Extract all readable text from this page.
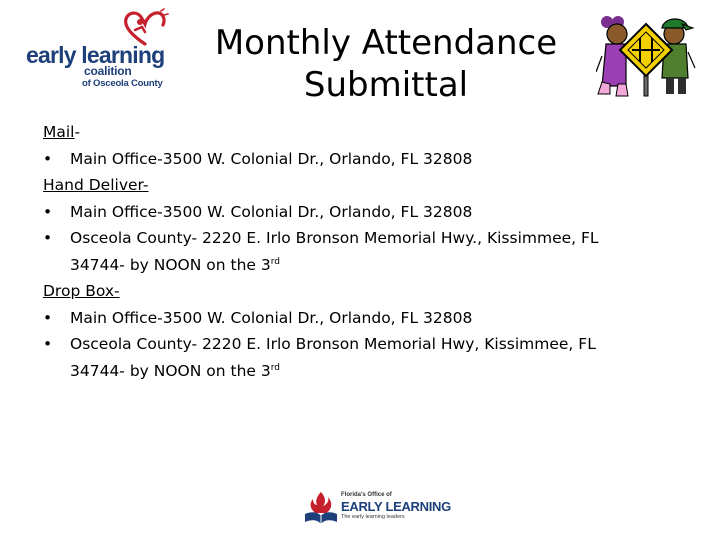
early learning
coalition
of Osceola County
Monthly Attendance
Submittal
Mail-
•	Main Office-3500 W. Colonial Dr., Orlando, FL 32808
Hand Deliver-
•	Main Office-3500 W. Colonial Dr., Orlando, FL 32808
•	Osceola County- 2220 E. Irlo Bronson Memorial Hwy., Kissimmee, FL
34744- by NOON on the 3rd
Drop Box-
•	Main Office-3500 W. Colonial Dr., Orlando, FL 32808
•	Osceola County- 2220 E. Irlo Bronson Memorial Hwy, Kissimmee, FL
34744- by NOON on the 3rd
Florida's Office of
EARLY LEARNING
The early learning leaders
